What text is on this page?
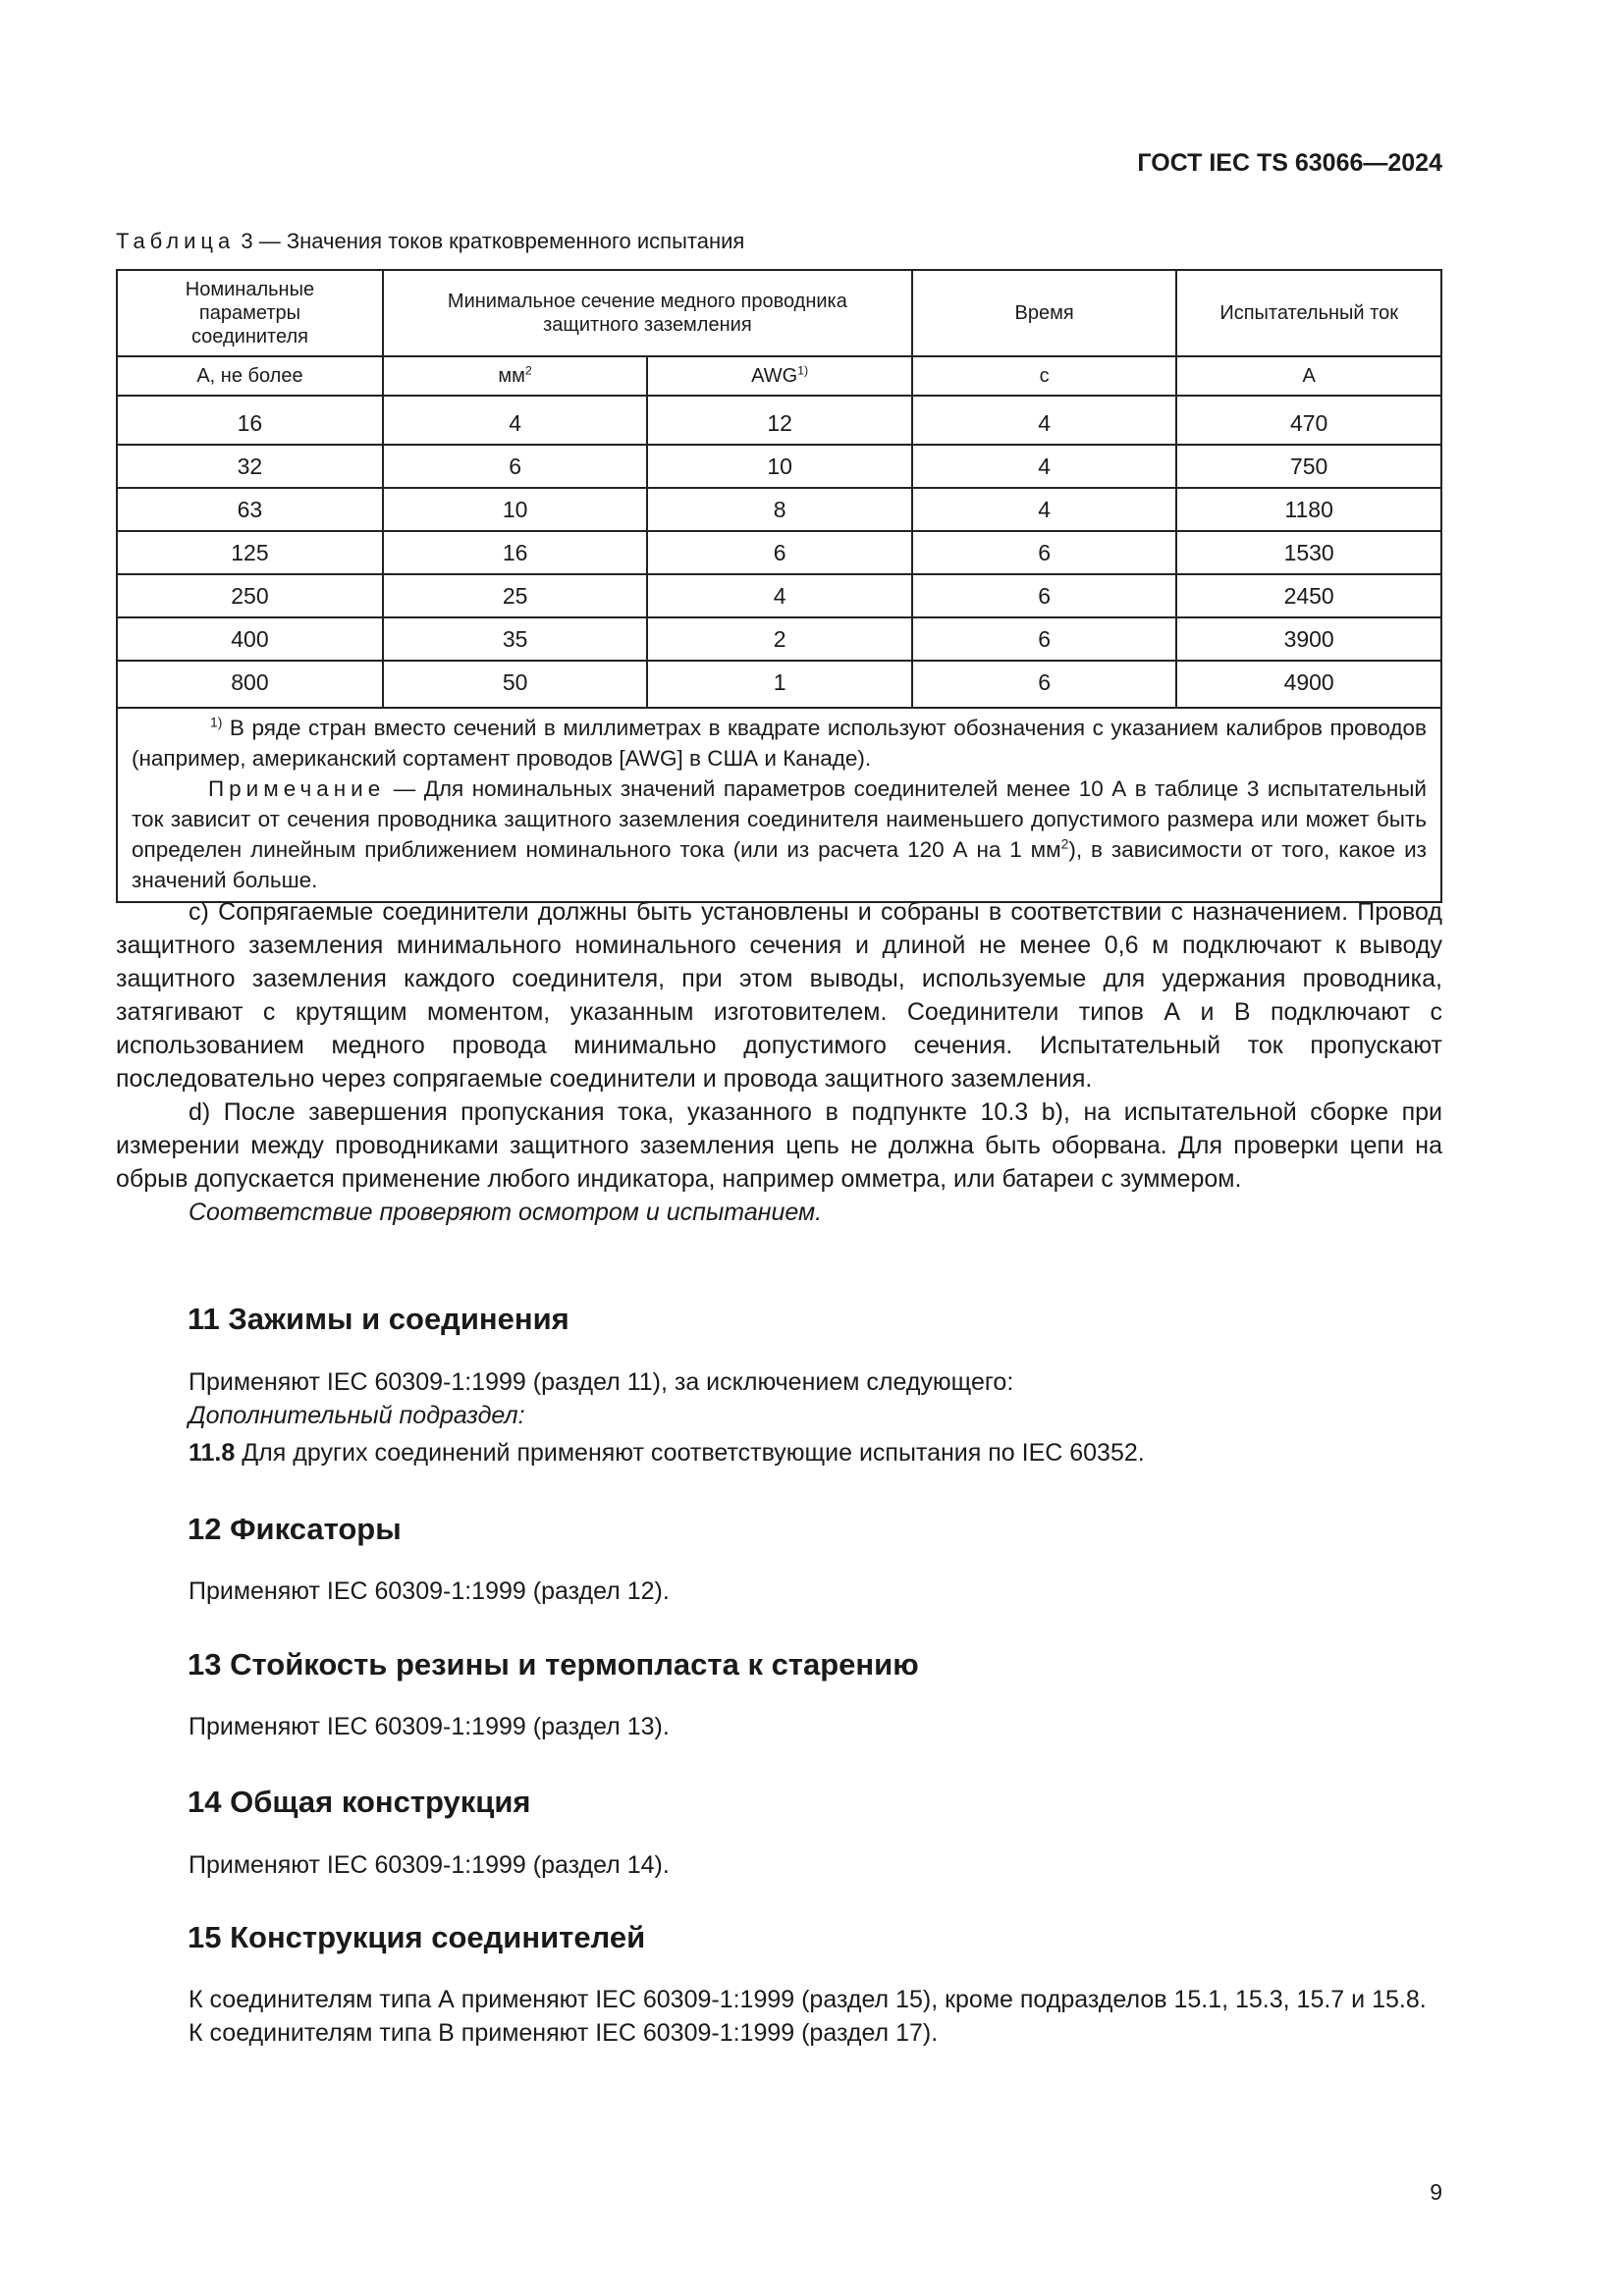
ГОСТ IEC TS 63066—2024
Таблица 3 — Значения токов кратковременного испытания
Номинальные параметры соединителя	Минимальное сечение медного проводника защитного заземления		Время	Испытательный ток
А, не более	$мм^2$	AWG$^{1)}$	с	А
16	4	12	4	470
32	6	10	4	750
63	10	8	4	1180
125	16	6	6	1530
250	25	4	6	2450
400	35	2	6	3900
800	50	1	6	4900

$^{1)}$ В ряде стран вместо сечений в миллиметрах в квадрате используют обозначения с указанием калибров проводов (например, американский сортамент проводов [AWG] в США и Канаде).

Примечание — Для номинальных значений параметров соединителей менее 10 А в таблице 3 испытательный ток зависит от сечения проводника защитного заземления соединителя наименьшего допустимого размера или может быть определен линейным приближением номинального тока (или из расчета 120 А на 1 $мм^2$), в зависимости от того, какое из значений больше.				

с) Сопрягаемые соединители должны быть установлены и собраны в соответствии с назначением. Провод защитного заземления минимального номинального сечения и длиной не менее 0,6 м подключают к выводу защитного заземления каждого соединителя, при этом выводы, используемые для удержания проводника, затягивают с крутящим моментом, указанным изготовителем. Соединители типов А и В подключают с использованием медного провода минимально допустимого сечения. Испытательный ток пропускают последовательно через сопрягаемые соединители и провода защитного заземления.

d) После завершения пропускания тока, указанного в подпункте 10.3 b), на испытательной сборке при измерении между проводниками защитного заземления цепь не должна быть оборвана. Для проверки цепи на обрыв допускается применение любого индикатора, например омметра, или батареи с зуммером.

Соответствие проверяют осмотром и испытанием.

11 Зажимы и соединения

Применяют IEC 60309-1:1999 (раздел 11), за исключением следующего:

Дополнительный подраздел:

11.8 Для других соединений применяют соответствующие испытания по IEC 60352.

12 Фиксаторы

Применяют IEC 60309-1:1999 (раздел 12).

13 Стойкость резины и термопласта к старению

Применяют IEC 60309-1:1999 (раздел 13).

14 Общая конструкция

Применяют IEC 60309-1:1999 (раздел 14).

15 Конструкция соединителей

К соединителям типа А применяют IEC 60309-1:1999 (раздел 15), кроме подразделов 15.1, 15.3, 15.7 и 15.8.

К соединителям типа В применяют IEC 60309-1:1999 (раздел 17).

9
